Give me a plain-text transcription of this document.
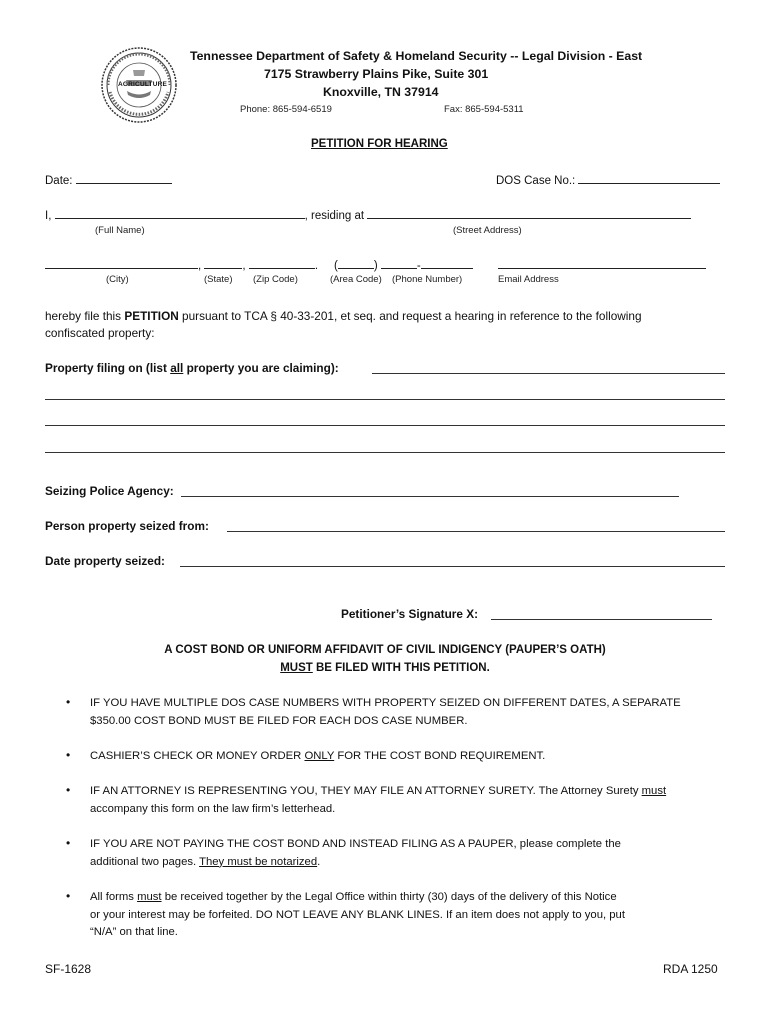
AGRICULTURE
Tennessee Department of Safety & Homeland Security -- Legal Division - East
7175 Strawberry Plains Pike, Suite 301
Knoxville, TN 37914
Phone: 865-594-6519	Fax: 865-594-5311
PETITION FOR HEARING
Date:	DOS Case No.:
I,	, residing at
(Full Name)	(Street Address)
,	,	. (	)	-
(City)	(State) (Zip Code)	(Area Code) (Phone Number)	Email Address
hereby file this PETITION pursuant to TCA § 40-33-201, et seq. and request a hearing in reference to the following
confiscated property:
Property filing on (list all property you are claiming):
Seizing Police Agency:
Person property seized from:
Date property seized:
Petitioner’s Signature X:
A COST BOND OR UNIFORM AFFIDAVIT OF CIVIL INDIGENCY (PAUPER’S OATH)
MUST BE FILED WITH THIS PETITION.
• IF YOU HAVE MULTIPLE DOS CASE NUMBERS WITH PROPERTY SEIZED ON DIFFERENT DATES, A SEPARATE
$350.00 COST BOND MUST BE FILED FOR EACH DOS CASE NUMBER.
• CASHIER’S CHECK OR MONEY ORDER ONLY FOR THE COST BOND REQUIREMENT.
• IF AN ATTORNEY IS REPRESENTING YOU, THEY MAY FILE AN ATTORNEY SURETY. The Attorney Surety must
accompany this form on the law firm’s letterhead.
• IF YOU ARE NOT PAYING THE COST BOND AND INSTEAD FILING AS A PAUPER, please complete the
additional two pages. They must be notarized.
• All forms must be received together by the Legal Office within thirty (30) days of the delivery of this Notice
or your interest may be forfeited. DO NOT LEAVE ANY BLANK LINES. If an item does not apply to you, put
“N/A” on that line.
SF-1628	RDA 1250
